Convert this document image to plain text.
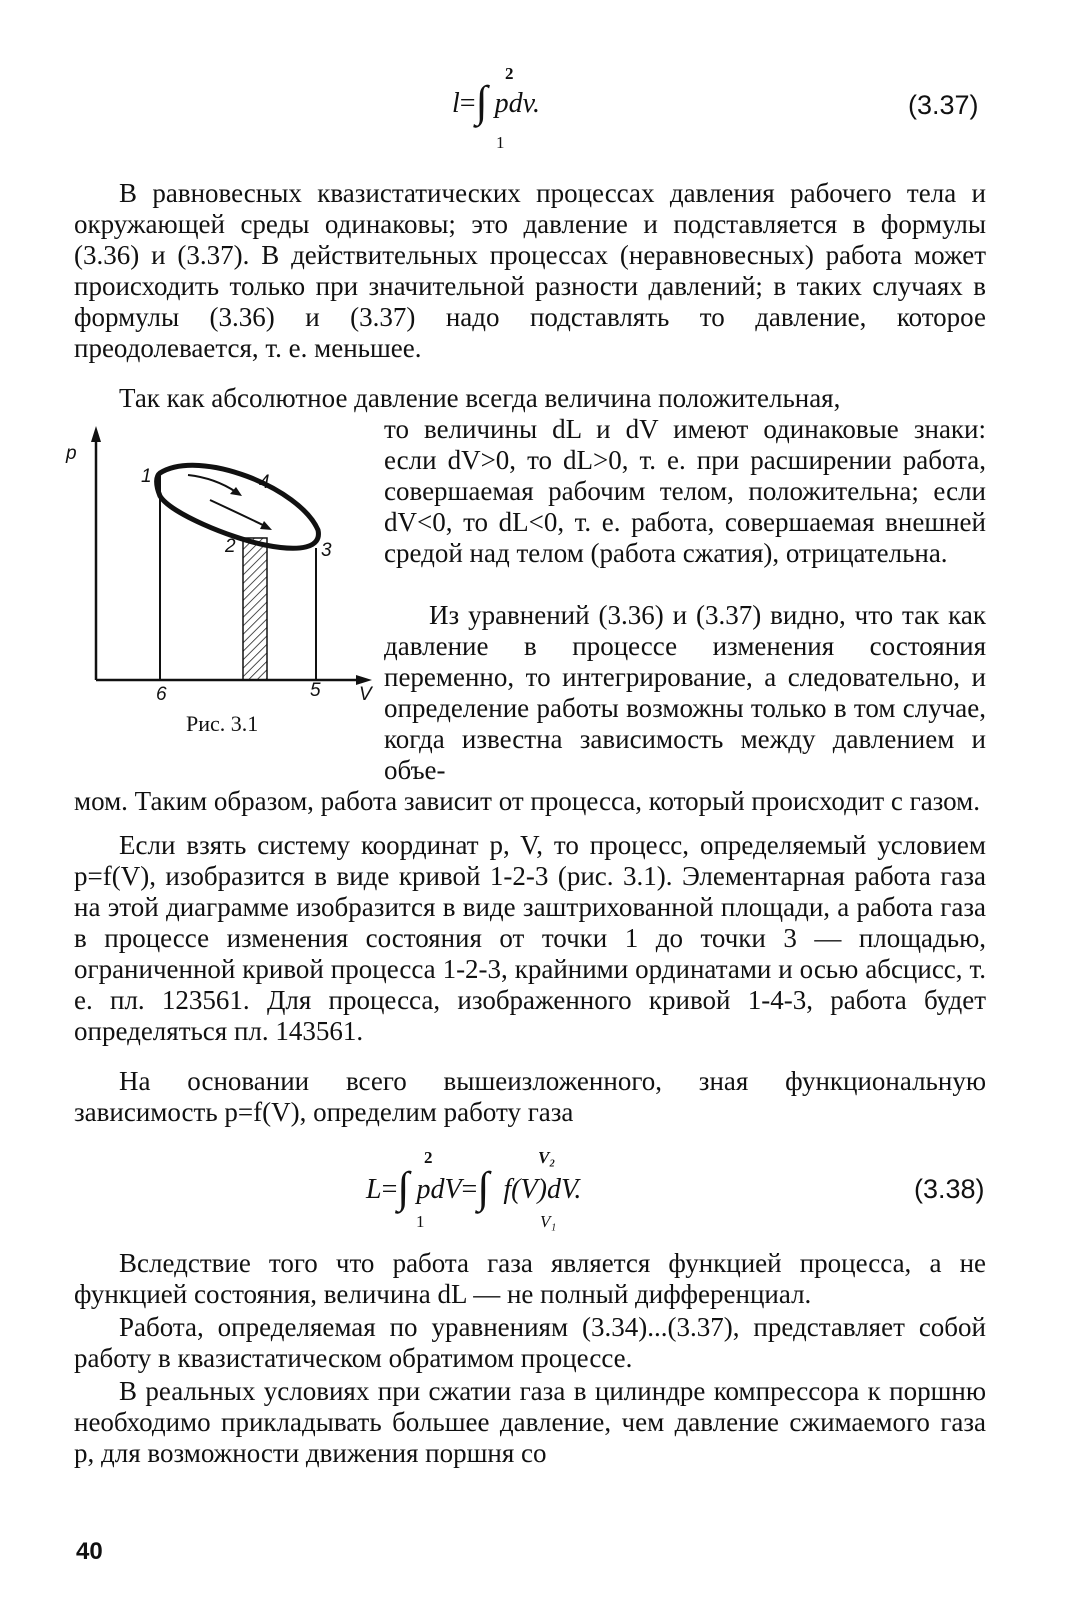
l=∫ pdv.
2
1
(3.37)

В равновесных квазистатических процессах давления рабочего тела и окружающей среды одинаковы; это давление и подставляется в формулы (3.36) и (3.37). В действительных процессах (неравновесных) работа может происходить только при значительной разности давлений; в таких случаях в формулы (3.36) и (3.37) надо подставлять то давление, которое преодолевается, т. е. меньшее.

Так как абсолютное давление всегда величина положительная,

p
1	4
2	3
6	5 V
Рис. 3.1

то величины dL и dV имеют одинаковые знаки: если dV>0, то dL>0, т. е. при расширении работа, совершаемая рабочим телом, положительна; если dV<0, то dL<0, т. е. работа, совершаемая внешней средой над телом (работа сжатия), отрицательна.

Из уравнений (3.36) и (3.37) видно, что так как давление в процессе изменения состояния переменно, то интегрирование, а следовательно, и определение работы возможны только в том случае, когда известна зависимость между давлением и объе-

мом. Таким образом, работа зависит от процесса, который происходит с газом.

Если взять систему координат p, V, то процесс, определяемый условием p=f(V), изобразится в виде кривой 1-2-3 (рис. 3.1). Элементарная работа газа на этой диаграмме изобразится в виде заштрихованной площади, а работа газа в процессе изменения состояния от точки 1 до точки 3 — площадью, ограниченной кривой процесса 1-2-3, крайними ординатами и осью абсцисс, т. е. пл. 123561. Для процесса, изображенного кривой 1-4-3, работа будет определяться пл. 143561.

На основании всего вышеизложенного, зная функциональную зависимость p=f(V), определим работу газа

L=∫ pdV=∫ f(V)dV.
2
1
V₂
V₁
(3.38)

Вследствие того что работа газа является функцией процесса, а не функцией состояния, величина dL — не полный дифференциал.

Работа, определяемая по уравнениям (3.34)...(3.37), представляет собой работу в квазистатическом обратимом процессе.

В реальных условиях при сжатии газа в цилиндре компрессора к поршню необходимо прикладывать большее давление, чем давление сжимаемого газа p, для возможности движения поршня со

40
